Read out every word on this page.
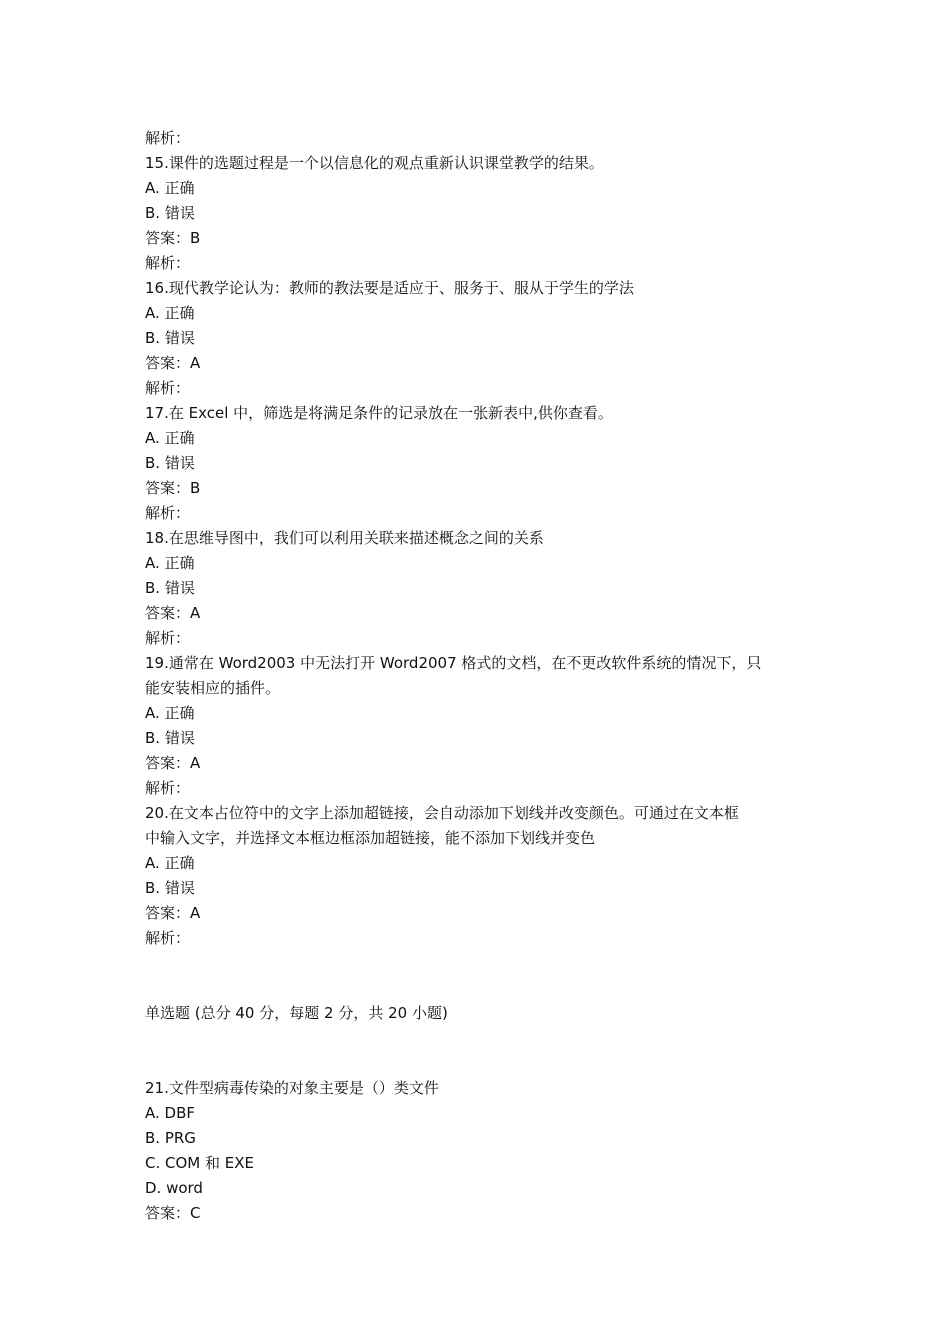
解析：
15.课件的选题过程是一个以信息化的观点重新认识课堂教学的结果。
A. 正确
B. 错误
答案：B
解析：
16.现代教学论认为：教师的教法要是适应于、服务于、服从于学生的学法
A. 正确
B. 错误
答案：A
解析：
17.在 Excel 中，筛选是将满足条件的记录放在一张新表中,供你查看。
A. 正确
B. 错误
答案：B
解析：
18.在思维导图中，我们可以利用关联来描述概念之间的关系
A. 正确
B. 错误
答案：A
解析：
19.通常在 Word2003 中无法打开 Word2007 格式的文档，在不更改软件系统的情况下，只
能安装相应的插件。
A. 正确
B. 错误
答案：A
解析：
20.在文本占位符中的文字上添加超链接，会自动添加下划线并改变颜色。可通过在文本框
中输入文字，并选择文本框边框添加超链接，能不添加下划线并变色
A. 正确
B. 错误
答案：A
解析：
单选题 (总分 40 分，每题 2 分，共 20 小题)
21.文件型病毒传染的对象主要是（）类文件
A. DBF
B. PRG
C. COM 和 EXE
D. word
答案：C
